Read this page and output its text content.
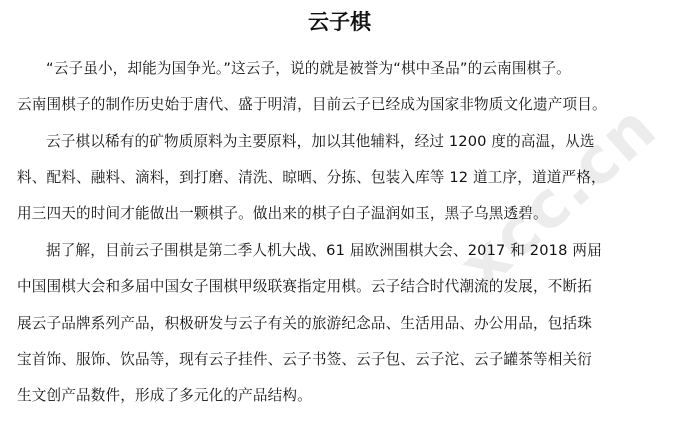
云子棋
xcc.cn
“云子虽小，却能为国争光。”这云子，说的就是被誉为“棋中圣品”的云南围棋子。
云南围棋子的制作历史始于唐代、盛于明清，目前云子已经成为国家非物质文化遗产项目。
云子棋以稀有的矿物质原料为主要原料，加以其他辅料，经过 1200 度的高温，从选
料、配料、融料、滴料，到打磨、清洗、晾晒、分拣、包装入库等 12 道工序，道道严格，
用三四天的时间才能做出一颗棋子。做出来的棋子白子温润如玉，黑子乌黑透碧。
据了解，目前云子围棋是第二季人机大战、61 届欧洲围棋大会、2017 和 2018 两届
中国围棋大会和多届中国女子围棋甲级联赛指定用棋。云子结合时代潮流的发展，不断拓
展云子品牌系列产品，积极研发与云子有关的旅游纪念品、生活用品、办公用品，包括珠
宝首饰、服饰、饮品等，现有云子挂件、云子书签、云子包、云子沱、云子罐茶等相关衍
生文创产品数件，形成了多元化的产品结构。
